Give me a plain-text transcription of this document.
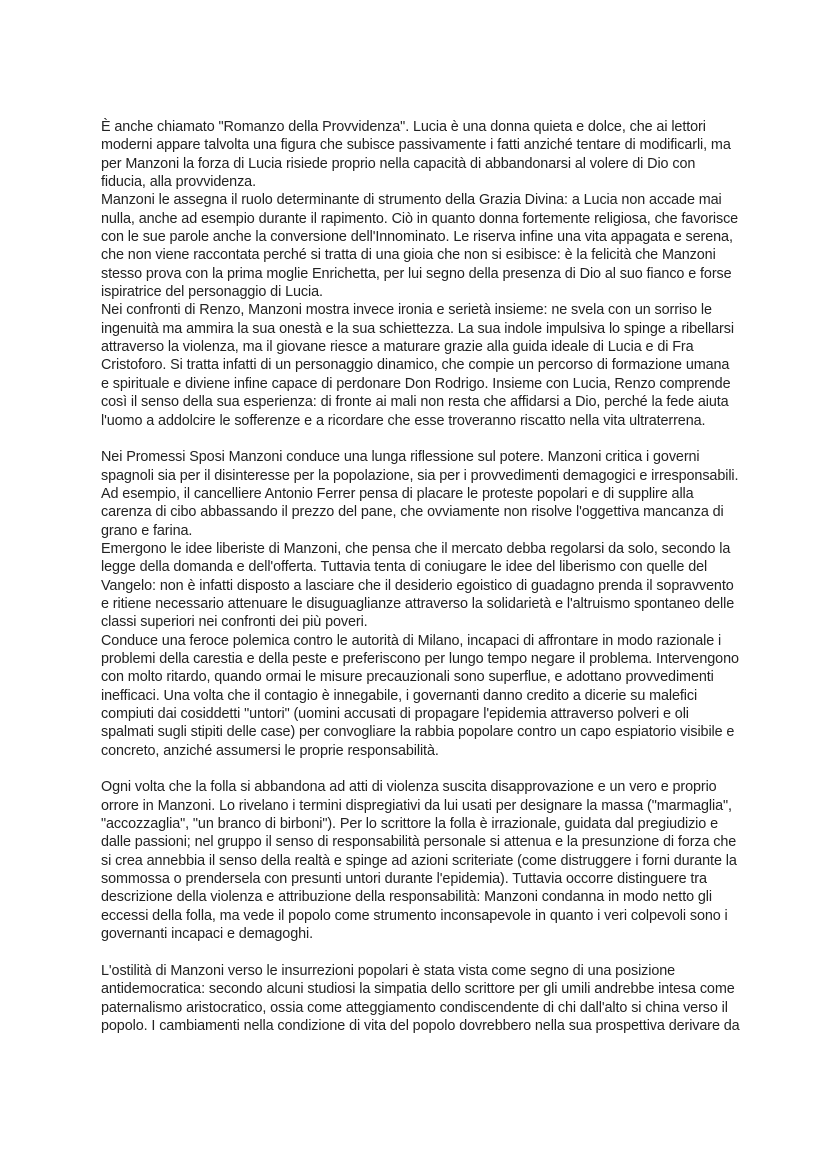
È anche chiamato "Romanzo della Provvidenza". Lucia è una donna quieta e dolce, che ai lettori
moderni appare talvolta una figura che subisce passivamente i fatti anziché tentare di modificarli, ma
per Manzoni la forza di Lucia risiede proprio nella capacità di abbandonarsi al volere di Dio con
fiducia, alla provvidenza.

Manzoni le assegna il ruolo determinante di strumento della Grazia Divina: a Lucia non accade mai
nulla, anche ad esempio durante il rapimento. Ciò in quanto donna fortemente religiosa, che favorisce
con le sue parole anche la conversione dell'Innominato. Le riserva infine una vita appagata e serena,
che non viene raccontata perché si tratta di una gioia che non si esibisce: è la felicità che Manzoni
stesso prova con la prima moglie Enrichetta, per lui segno della presenza di Dio al suo fianco e forse
ispiratrice del personaggio di Lucia.

Nei confronti di Renzo, Manzoni mostra invece ironia e serietà insieme: ne svela con un sorriso le
ingenuità ma ammira la sua onestà e la sua schiettezza. La sua indole impulsiva lo spinge a ribellarsi
attraverso la violenza, ma il giovane riesce a maturare grazie alla guida ideale di Lucia e di Fra
Cristoforo. Si tratta infatti di un personaggio dinamico, che compie un percorso di formazione umana
e spirituale e diviene infine capace di perdonare Don Rodrigo. Insieme con Lucia, Renzo comprende
così il senso della sua esperienza: di fronte ai mali non resta che affidarsi a Dio, perché la fede aiuta
l'uomo a addolcire le sofferenze e a ricordare che esse troveranno riscatto nella vita ultraterrena.

Nei Promessi Sposi Manzoni conduce una lunga riflessione sul potere. Manzoni critica i governi
spagnoli sia per il disinteresse per la popolazione, sia per i provvedimenti demagogici e irresponsabili.
Ad esempio, il cancelliere Antonio Ferrer pensa di placare le proteste popolari e di supplire alla
carenza di cibo abbassando il prezzo del pane, che ovviamente non risolve l'oggettiva mancanza di
grano e farina.

Emergono le idee liberiste di Manzoni, che pensa che il mercato debba regolarsi da solo, secondo la
legge della domanda e dell'offerta. Tuttavia tenta di coniugare le idee del liberismo con quelle del
Vangelo: non è infatti disposto a lasciare che il desiderio egoistico di guadagno prenda il sopravvento
e ritiene necessario attenuare le disuguaglianze attraverso la solidarietà e l'altruismo spontaneo delle
classi superiori nei confronti dei più poveri.

Conduce una feroce polemica contro le autorità di Milano, incapaci di affrontare in modo razionale i
problemi della carestia e della peste e preferiscono per lungo tempo negare il problema. Intervengono
con molto ritardo, quando ormai le misure precauzionali sono superflue, e adottano provvedimenti
inefficaci. Una volta che il contagio è innegabile, i governanti danno credito a dicerie su malefici
compiuti dai cosiddetti "untori" (uomini accusati di propagare l'epidemia attraverso polveri e oli
spalmati sugli stipiti delle case) per convogliare la rabbia popolare contro un capo espiatorio visibile e
concreto, anziché assumersi le proprie responsabilità.

Ogni volta che la folla si abbandona ad atti di violenza suscita disapprovazione e un vero e proprio
orrore in Manzoni. Lo rivelano i termini dispregiativi da lui usati per designare la massa ("marmaglia",
"accozzaglia", "un branco di birboni"). Per lo scrittore la folla è irrazionale, guidata dal pregiudizio e
dalle passioni; nel gruppo il senso di responsabilità personale si attenua e la presunzione di forza che
si crea annebbia il senso della realtà e spinge ad azioni scriteriate (come distruggere i forni durante la
sommossa o prendersela con presunti untori durante l'epidemia). Tuttavia occorre distinguere tra
descrizione della violenza e attribuzione della responsabilità: Manzoni condanna in modo netto gli
eccessi della folla, ma vede il popolo come strumento inconsapevole in quanto i veri colpevoli sono i
governanti incapaci e demagoghi.

L'ostilità di Manzoni verso le insurrezioni popolari è stata vista come segno di una posizione
antidemocratica: secondo alcuni studiosi la simpatia dello scrittore per gli umili andrebbe intesa come
paternalismo aristocratico, ossia come atteggiamento condiscendente di chi dall'alto si china verso il
popolo. I cambiamenti nella condizione di vita del popolo dovrebbero nella sua prospettiva derivare da
